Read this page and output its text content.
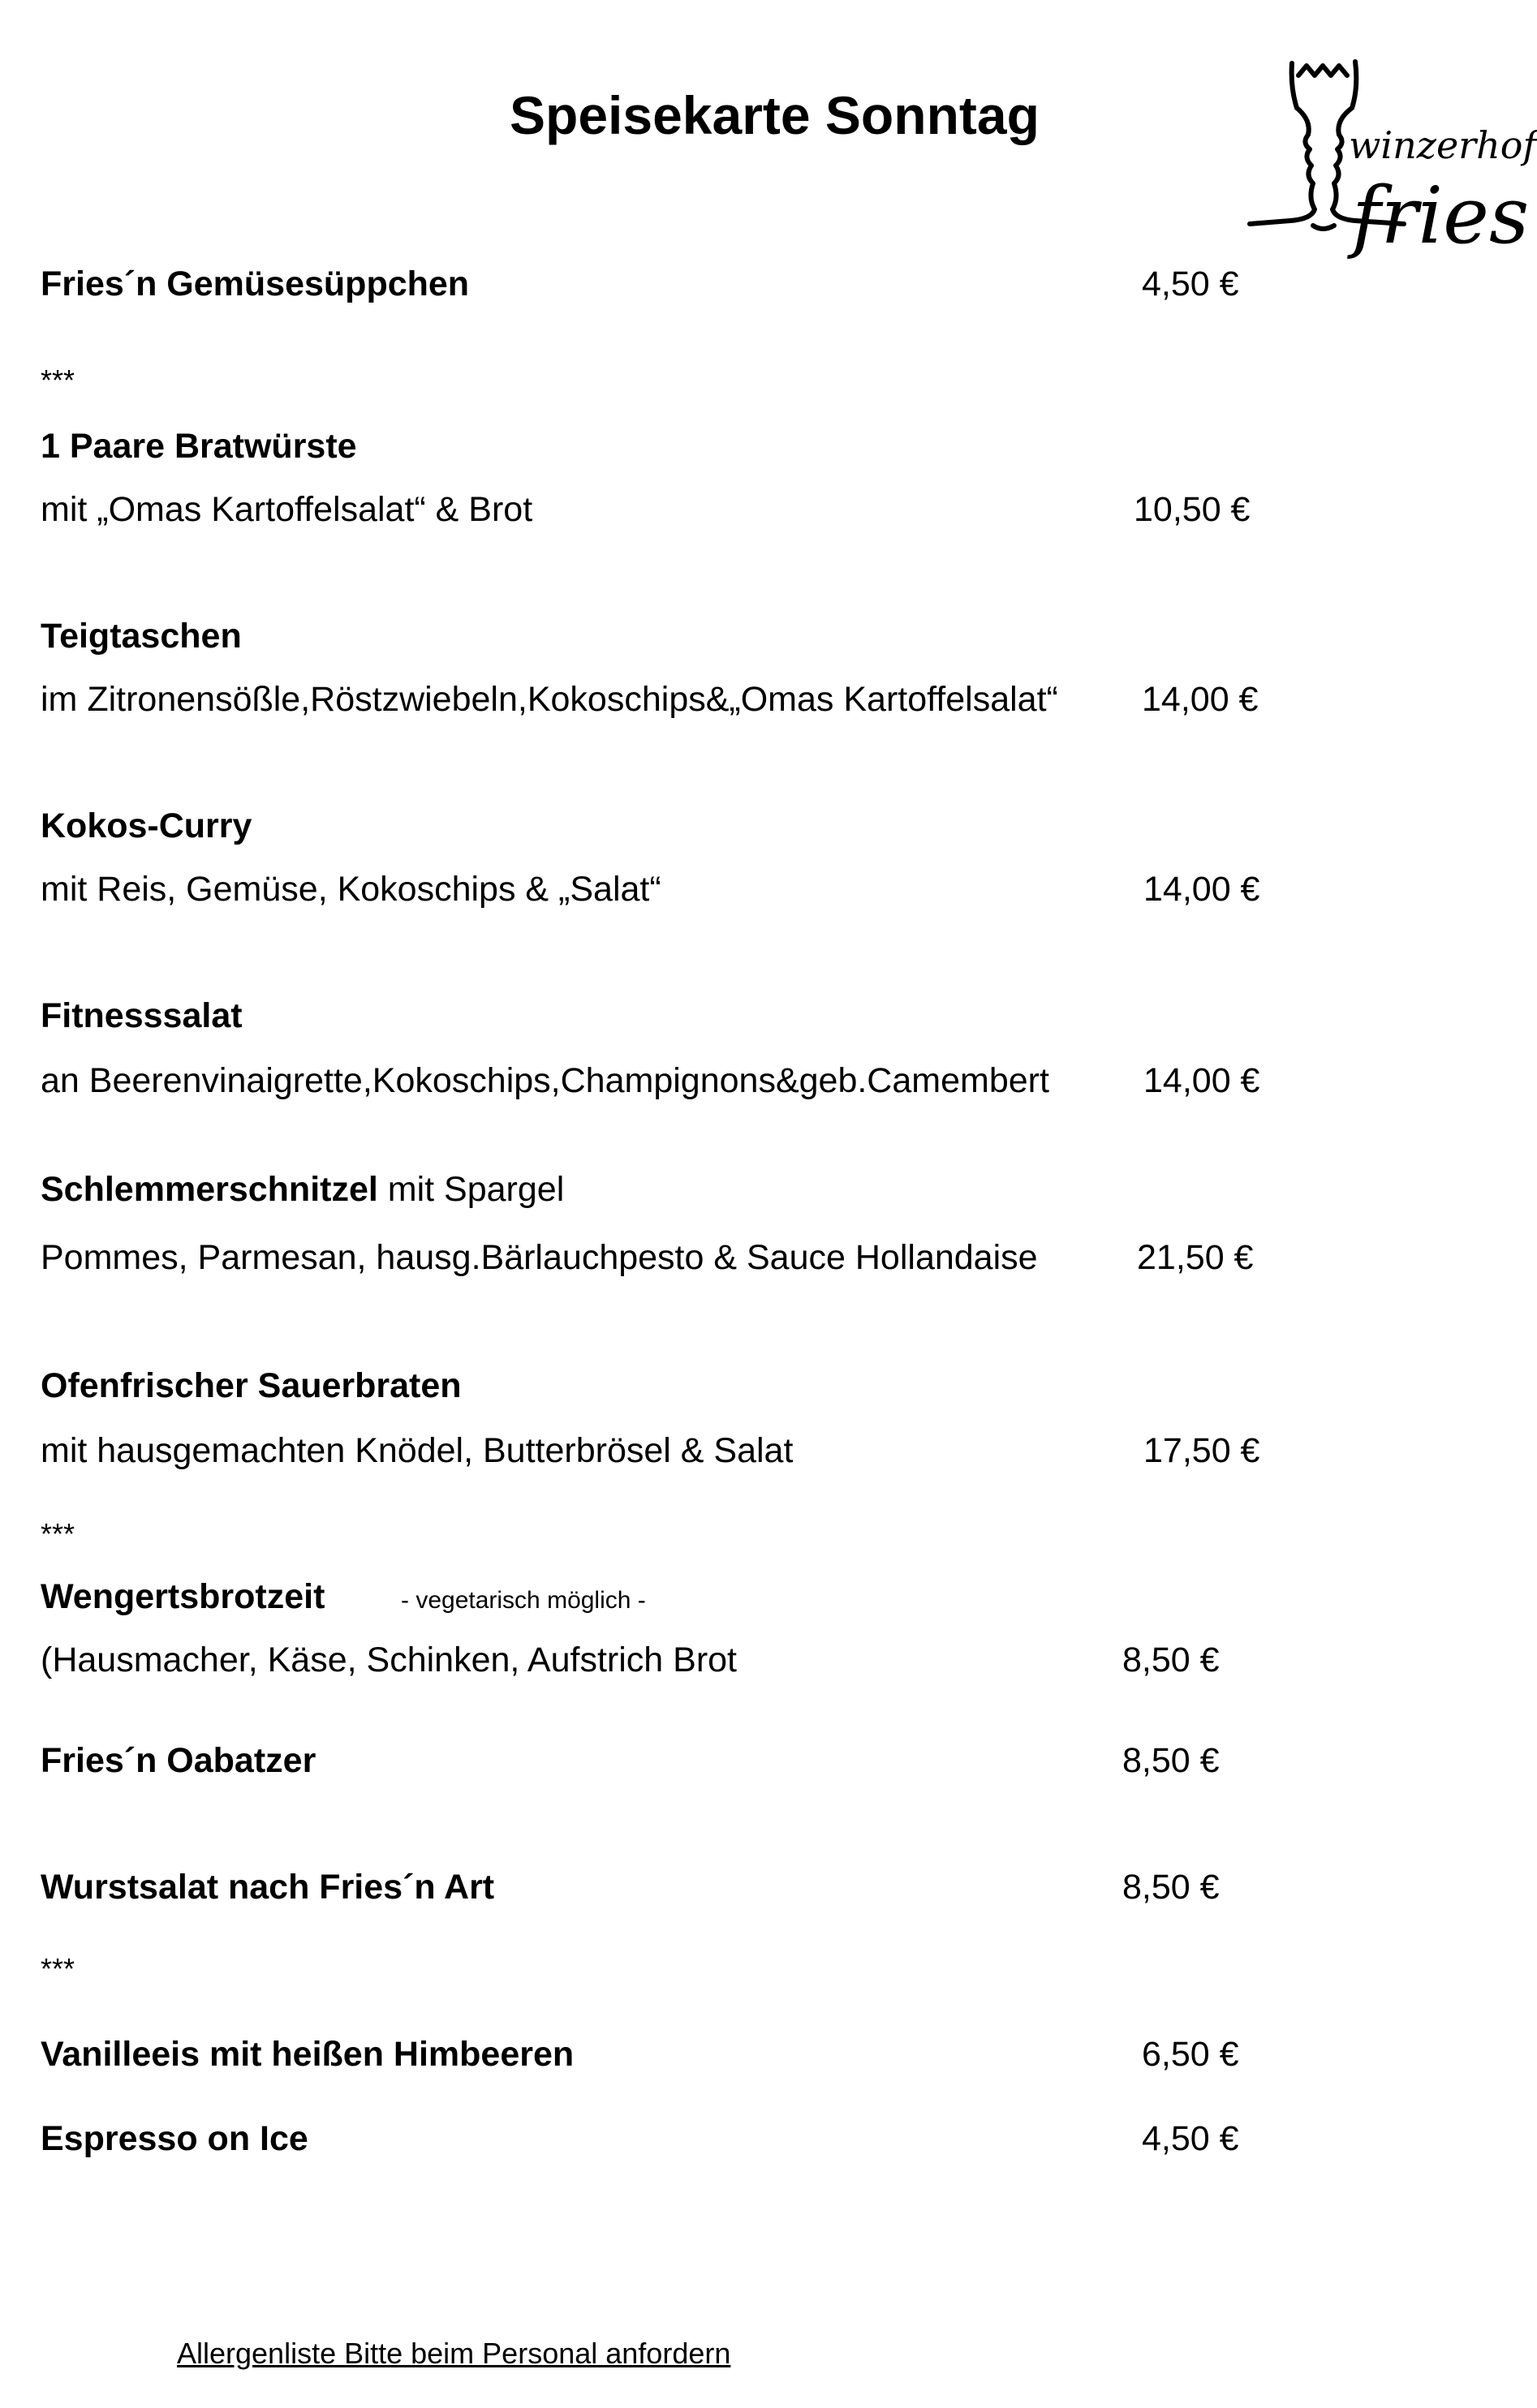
Speisekarte Sonntag	winzerhof
fries
Fries´n Gemüsesüppchen	4,50 €
***
1 Paare Bratwürste
mit „Omas Kartoffelsalat“ & Brot	10,50 €
Teigtaschen
im Zitronensößle,Röstzwiebeln,Kokoschips&„Omas Kartoffelsalat“ 14,00 €
Kokos-Curry
mit Reis, Gemüse, Kokoschips & „Salat“	14,00 €
Fitnesssalat
an Beerenvinaigrette,Kokoschips,Champignons&geb.Camembert	14,00 €
Schlemmerschnitzel mit Spargel
Pommes, Parmesan, hausg.Bärlauchpesto & Sauce Hollandaise	21,50 €
Ofenfrischer Sauerbraten
mit hausgemachten Knödel, Butterbrösel & Salat	17,50 €
***
Wengertsbrotzeit	- vegetarisch möglich -
(Hausmacher, Käse, Schinken, Aufstrich Brot	8,50 €
Fries´n Oabatzer	8,50 €
Wurstsalat nach Fries´n Art	8,50 €
***
Vanilleeis mit heißen Himbeeren	6,50 €
Espresso on Ice	4,50 €
Allergenliste Bitte beim Personal anfordern
